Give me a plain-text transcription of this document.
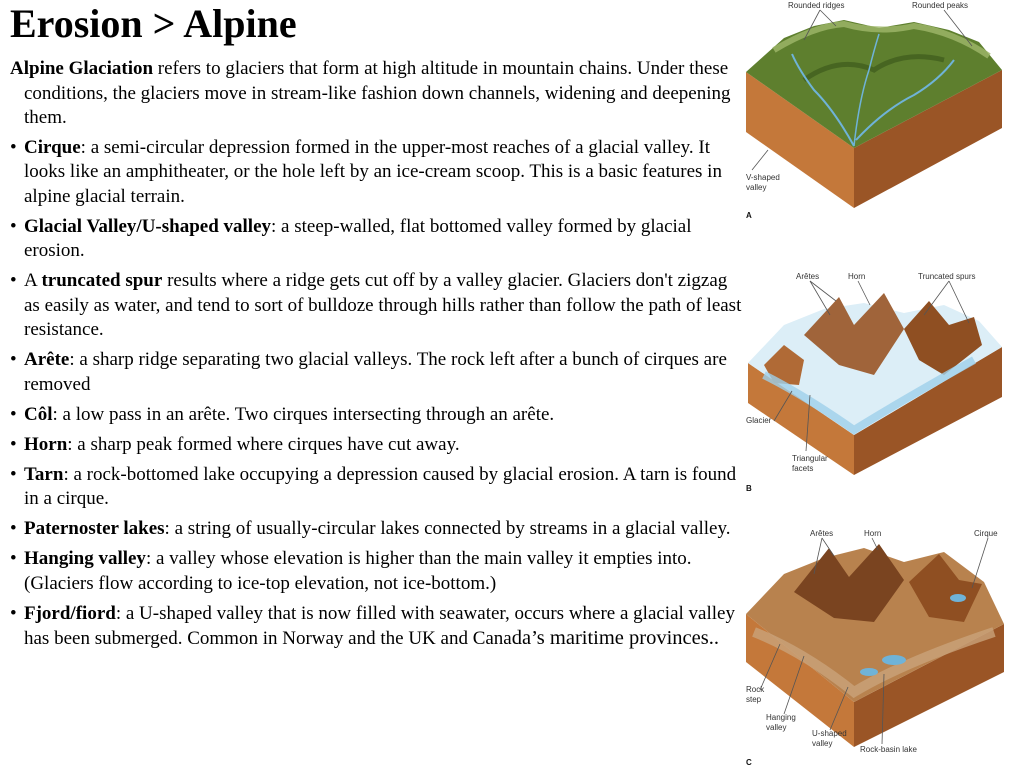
Erosion > Alpine

Alpine Glaciation refers to glaciers that form at high altitude in mountain chains. Under these conditions, the glaciers move in stream-like fashion down channels, widening and deepening them.

• Cirque: a semi-circular depression formed in the upper-most reaches of a glacial valley. It looks like an amphitheater, or the hole left by an ice-cream scoop. This is a basic features in alpine glacial terrain.
• Glacial Valley/U-shaped valley: a steep-walled, flat bottomed valley formed by glacial erosion.
• A truncated spur results where a ridge gets cut off by a valley glacier. Glaciers don't zigzag as easily as water, and tend to sort of bulldoze through hills rather than follow the path of least resistance.
• Arête: a sharp ridge separating two glacial valleys. The rock left after a bunch of cirques are removed
• Côl: a low pass in an arête. Two cirques intersecting through an arête.
• Horn: a sharp peak formed where cirques have cut away.
• Tarn: a rock-bottomed lake occupying a depression caused by glacial erosion. A tarn is found in a cirque.
• Paternoster lakes: a string of usually-circular lakes connected by streams in a glacial valley.
• Hanging valley: a valley whose elevation is higher than the main valley it empties into. (Glaciers flow according to ice-top elevation, not ice-bottom.)
• Fjord/fiord: a U-shaped valley that is now filled with seawater, occurs where a glacial valley has been submerged. Common in Norway and the UK and Canada’s maritime provinces..
Rounded ridges	Rounded peaks
V-shaped
valley
A
Arêtes	Horn	Truncated spurs
Glacier
Triangular
facets
B
Arêtes	Horn	Cirque
Rock
step
Hanging
valley
U-shaped
valley
Rock-basin lake
C
